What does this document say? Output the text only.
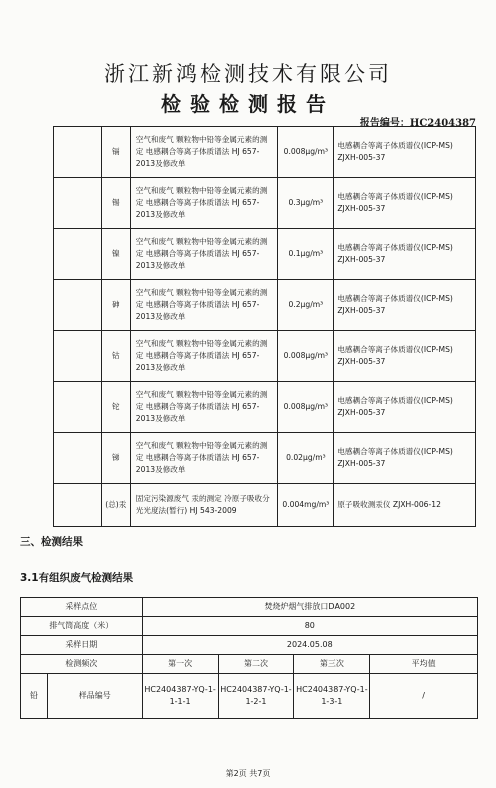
浙江新鸿检测技术有限公司
检验检测报告
报告编号：HC2404387
	镉	空气和废气 颗粒物中铅等金属元素的测定 电感耦合等离子体质谱法 HJ 657-2013及修改单	0.008μg/m³	电感耦合等离子体质谱仪(ICP-MS) ZJXH-005-37
	锡	空气和废气 颗粒物中铅等金属元素的测定 电感耦合等离子体质谱法 HJ 657-2013及修改单	0.3μg/m³	电感耦合等离子体质谱仪(ICP-MS) ZJXH-005-37
	镍	空气和废气 颗粒物中铅等金属元素的测定 电感耦合等离子体质谱法 HJ 657-2013及修改单	0.1μg/m³	电感耦合等离子体质谱仪(ICP-MS) ZJXH-005-37
	砷	空气和废气 颗粒物中铅等金属元素的测定 电感耦合等离子体质谱法 HJ 657-2013及修改单	0.2μg/m³	电感耦合等离子体质谱仪(ICP-MS) ZJXH-005-37
	钴	空气和废气 颗粒物中铅等金属元素的测定 电感耦合等离子体质谱法 HJ 657-2013及修改单	0.008μg/m³	电感耦合等离子体质谱仪(ICP-MS) ZJXH-005-37
	铊	空气和废气 颗粒物中铅等金属元素的测定 电感耦合等离子体质谱法 HJ 657-2013及修改单	0.008μg/m³	电感耦合等离子体质谱仪(ICP-MS) ZJXH-005-37
	锑	空气和废气 颗粒物中铅等金属元素的测定 电感耦合等离子体质谱法 HJ 657-2013及修改单	0.02μg/m³	电感耦合等离子体质谱仪(ICP-MS) ZJXH-005-37
	(总)汞	固定污染源废气 汞的测定 冷原子吸收分光光度法(暂行) HJ 543-2009	0.004mg/m³	原子吸收测汞仪 ZJXH-006-12
三、检测结果
3.1有组织废气检测结果
采样点位		焚烧炉烟气排放口DA002			
排气筒高度（米）		80			
采样日期		2024.05.08			
检测频次		第一次	第二次	第三次	平均值
铅	样品编号	HC2404387-YQ-1-1-1-1	HC2404387-YQ-1-1-2-1	HC2404387-YQ-1-1-3-1	/
第2页 共7页
